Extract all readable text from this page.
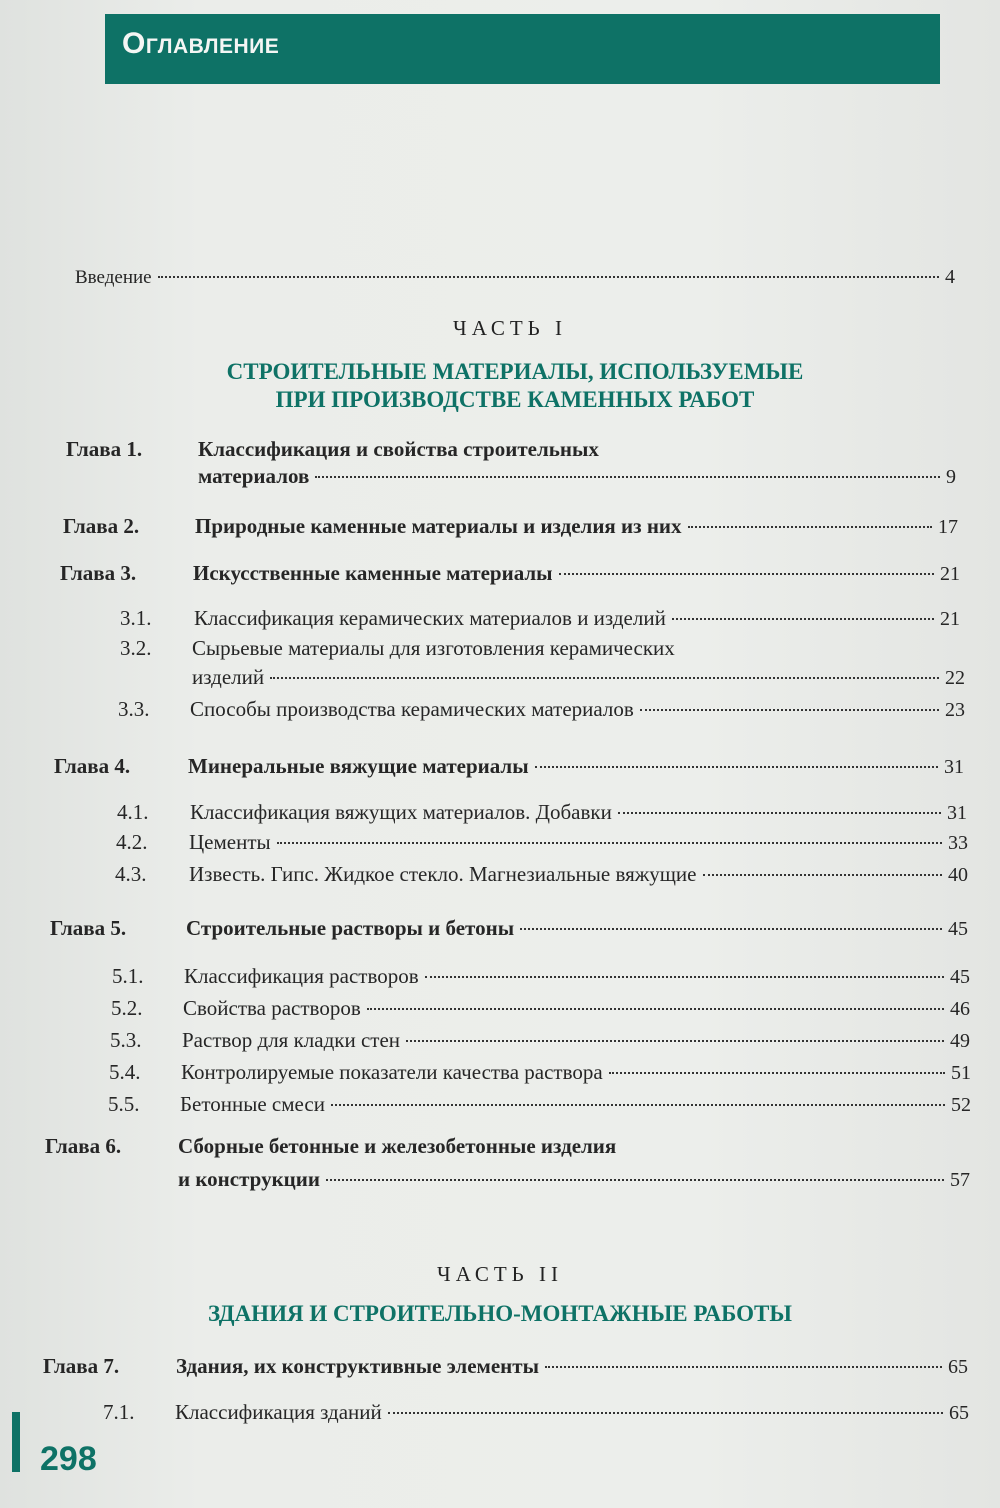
Оглавление
Введение	4
ЧАСТЬ I
СТРОИТЕЛЬНЫЕ МАТЕРИАЛЫ, ИСПОЛЬЗУЕМЫЕ
ПРИ ПРОИЗВОДСТВЕ КАМЕННЫХ РАБОТ
Глава 1.	Классификация и свойства строительных
материалов	9
Глава 2.	Природные каменные материалы и изделия из них	17
Глава 3.	Искусственные каменные материалы	21
3.1. Классификация керамических материалов и изделий	21
3.2. Сырьевые материалы для изготовления керамических
изделий	22
3.3. Способы производства керамических материалов	23
Глава 4.	Минеральные вяжущие материалы	31
4.1. Классификация вяжущих материалов. Добавки	31
4.2. Цементы	33
4.3. Известь. Гипс. Жидкое стекло. Магнезиальные вяжущие	40
Глава 5.	Строительные растворы и бетоны	45
5.1. Классификация растворов	45
5.2. Свойства растворов	46
5.3. Раствор для кладки стен	49
5.4. Контролируемые показатели качества раствора	51
5.5. Бетонные смеси	52
Глава 6.	Сборные бетонные и железобетонные изделия
и конструкции	57
ЧАСТЬ II
ЗДАНИЯ И СТРОИТЕЛЬНО-МОНТАЖНЫЕ РАБОТЫ
Глава 7.	Здания, их конструктивные элементы	65
7.1. Классификация зданий	65
298
